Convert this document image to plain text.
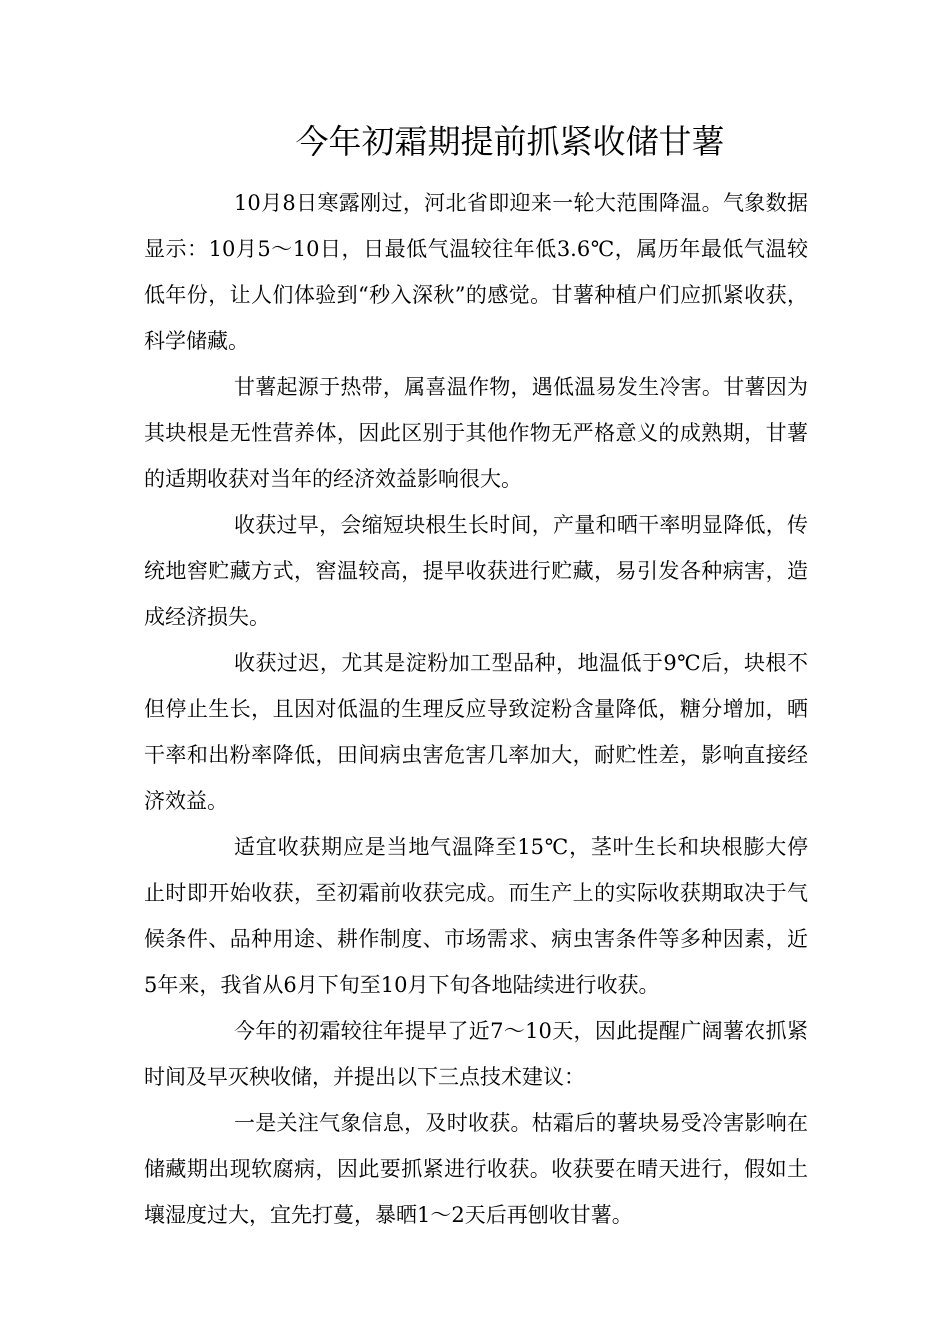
今年初霜期提前抓紧收储甘薯

10月8日寒露刚过，河北省即迎来一轮大范围降温。气象数据显示：10月5～10日，日最低气温较往年低3.6℃，属历年最低气温较低年份，让人们体验到“秒入深秋”的感觉。甘薯种植户们应抓紧收获，科学储藏。

甘薯起源于热带，属喜温作物，遇低温易发生冷害。甘薯因为其块根是无性营养体，因此区别于其他作物无严格意义的成熟期，甘薯的适期收获对当年的经济效益影响很大。

收获过早，会缩短块根生长时间，产量和晒干率明显降低，传统地窖贮藏方式，窖温较高，提早收获进行贮藏，易引发各种病害，造成经济损失。

收获过迟，尤其是淀粉加工型品种，地温低于9℃后，块根不但停止生长，且因对低温的生理反应导致淀粉含量降低，糖分增加，晒干率和出粉率降低，田间病虫害危害几率加大，耐贮性差，影响直接经济效益。

适宜收获期应是当地气温降至15℃，茎叶生长和块根膨大停止时即开始收获，至初霜前收获完成。而生产上的实际收获期取决于气候条件、品种用途、耕作制度、市场需求、病虫害条件等多种因素，近5年来，我省从6月下旬至10月下旬各地陆续进行收获。

今年的初霜较往年提早了近7～10天，因此提醒广阔薯农抓紧时间及早灭秧收储，并提出以下三点技术建议：

一是关注气象信息，及时收获。枯霜后的薯块易受冷害影响在储藏期出现软腐病，因此要抓紧进行收获。收获要在晴天进行，假如土壤湿度过大，宜先打蔓，暴晒1～2天后再刨收甘薯。
